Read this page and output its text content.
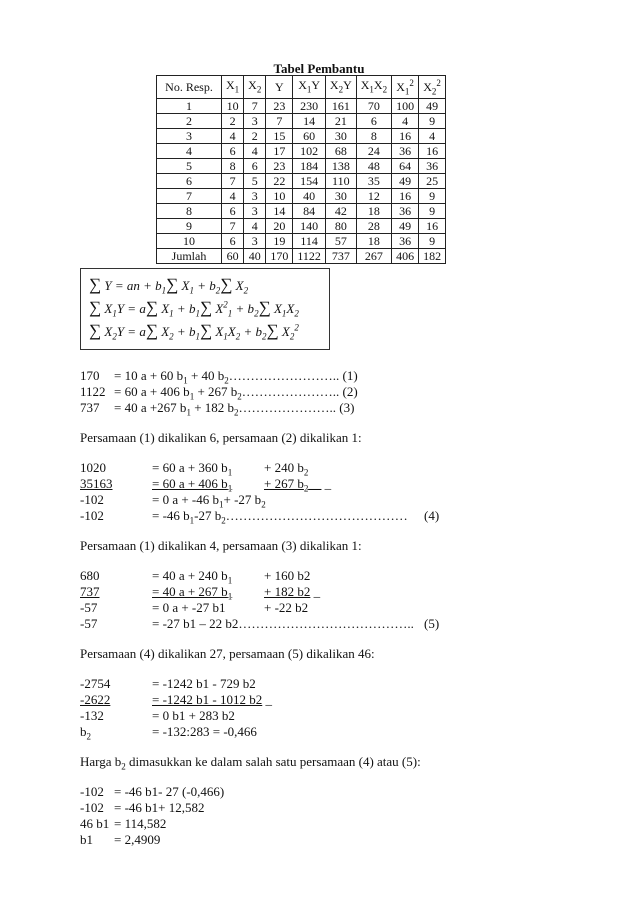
Tabel Pembantu
No. Resp.	$X_1$	$X_2$	Y	$X_1Y$	$X_2Y$	$X_1X_2$	$X_1^2$	$X_2^2$
1	10	7	23	230	161	70	100	49
2	2	3	7	14	21	6	4	9
3	4	2	15	60	30	8	16	4
4	6	4	17	102	68	24	36	16
5	8	6	23	184	138	48	64	36
6	7	5	22	154	110	35	49	25
7	4	3	10	40	30	12	16	9
8	6	3	14	84	42	18	36	9
9	7	4	20	140	80	28	49	16
10	6	3	19	114	57	18	36	9
Jumlah	60	40	170	1122	737	267	406	182
∑ Y = an + $b_1\sum$ $X_1 + b_2\sum$ $X_2$
∑ $X_1Y = a\sum$ $X_1 + b_1\sum$ $X^2_1 + b_2\sum$ $X_1X_2$
∑ $X_2Y = a\sum$ $X_2 + b_1\sum$ $X_1X_2 + b_2\sum$ $X_2^2$
170 = 10 a + 60 $b_1 + 40$ $b_2\dots\dots\dots\dots\dots\dots\dots\dots$.. (1)
1122 = 60 a + 406 $b_1 + 267$ $b_2\dots\dots\dots\dots\dots\dots\dots$.. (2)
737 = 40 a +267 $b_1 + 182$ $b_2\dots\dots\dots\dots\dots\dots\dots$.. (3)
Persamaan (1) dikalikan 6, persamaan (2) dikalikan 1:
1020	= 60 a + 360 $b_1 + 240$ $b_2$
35163	= 60 a + 406 $b_1$	+ 267 $b_2\_\_$ _
-102	= 0 a + -46 $b_1+ -27$ $b_2$
-102	= -46 $b_1-27$ $b_2\dots\dots\dots\dots\dots\dots\dots\dots\dots\dots\dots\dots\dots\dots$ (4)
Persamaan (1) dikalikan 4, persamaan (3) dikalikan 1:
680	= 40 a + 240 $b_1 + 160$ b2
737	= 40 a + 267 $b_1$	+ 182 b2 _
-57	= 0 a + -27 b1	+ -22 b2
-57	= -27 b1 – 22 b2………………………………….. (5)
Persamaan (4) dikalikan 27, persamaan (5) dikalikan 46:
-2754	= -1242 b1 - 729 b2
-2622	= -1242 b1 - 1012 b2 _
-132	= 0 b1 + 283 b2
$b_2$	= -132:283 = -0,466
Harga $b_2$ dimasukkan ke dalam salah satu persamaan (4) atau (5):
-102 = -46 b1- 27 (-0,466)
-102 = -46 b1+ 12,582
46 b1 = 114,582
b1 = 2,4909
